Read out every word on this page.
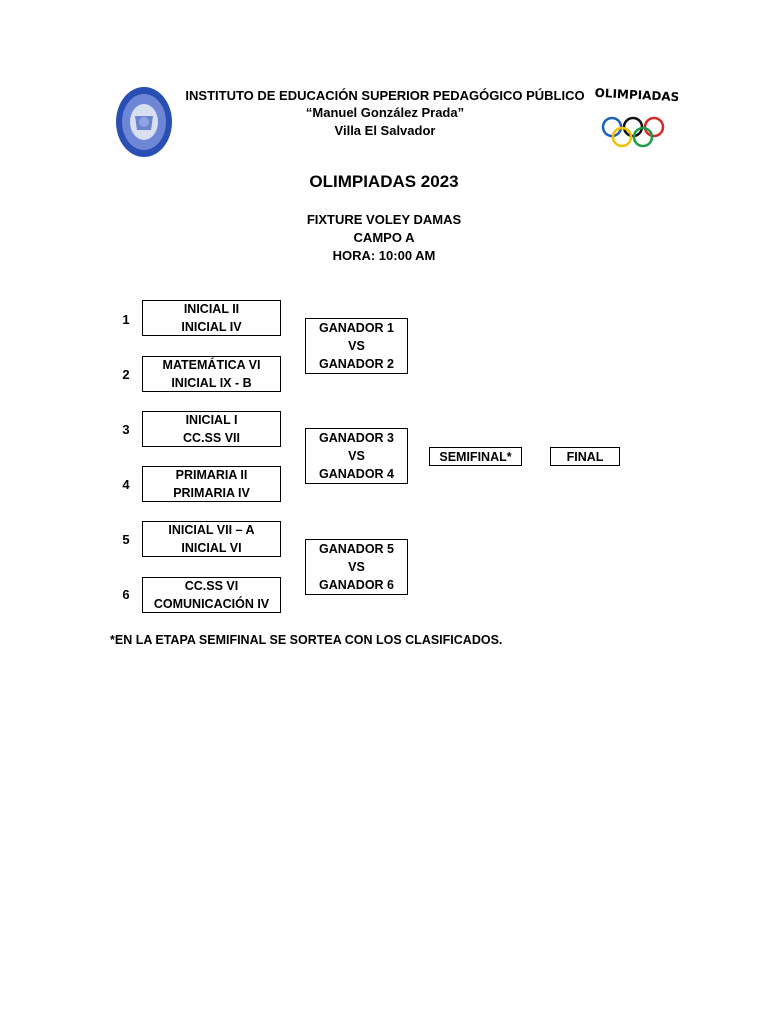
INSTITUTO DE EDUCACIÓN SUPERIOR PEDAGÓGICO PÚBLICO
“Manuel González Prada”
Villa El Salvador
OLIMPIADAS
OLIMPIADAS 2023
FIXTURE VOLEY DAMAS
CAMPO A
HORA: 10:00 AM
1
2
3
4
5
6
INICIAL II
INICIAL IV
MATEMÁTICA VI
INICIAL IX - B
INICIAL I
CC.SS VII
PRIMARIA II
PRIMARIA IV
INICIAL VII – A
INICIAL VI
CC.SS VI
COMUNICACIÓN IV
GANADOR 1
VS
GANADOR 2
GANADOR 3
VS
GANADOR 4
GANADOR 5
VS
GANADOR 6
SEMIFINAL*	FINAL
*EN LA ETAPA SEMIFINAL SE SORTEA CON LOS CLASIFICADOS.
